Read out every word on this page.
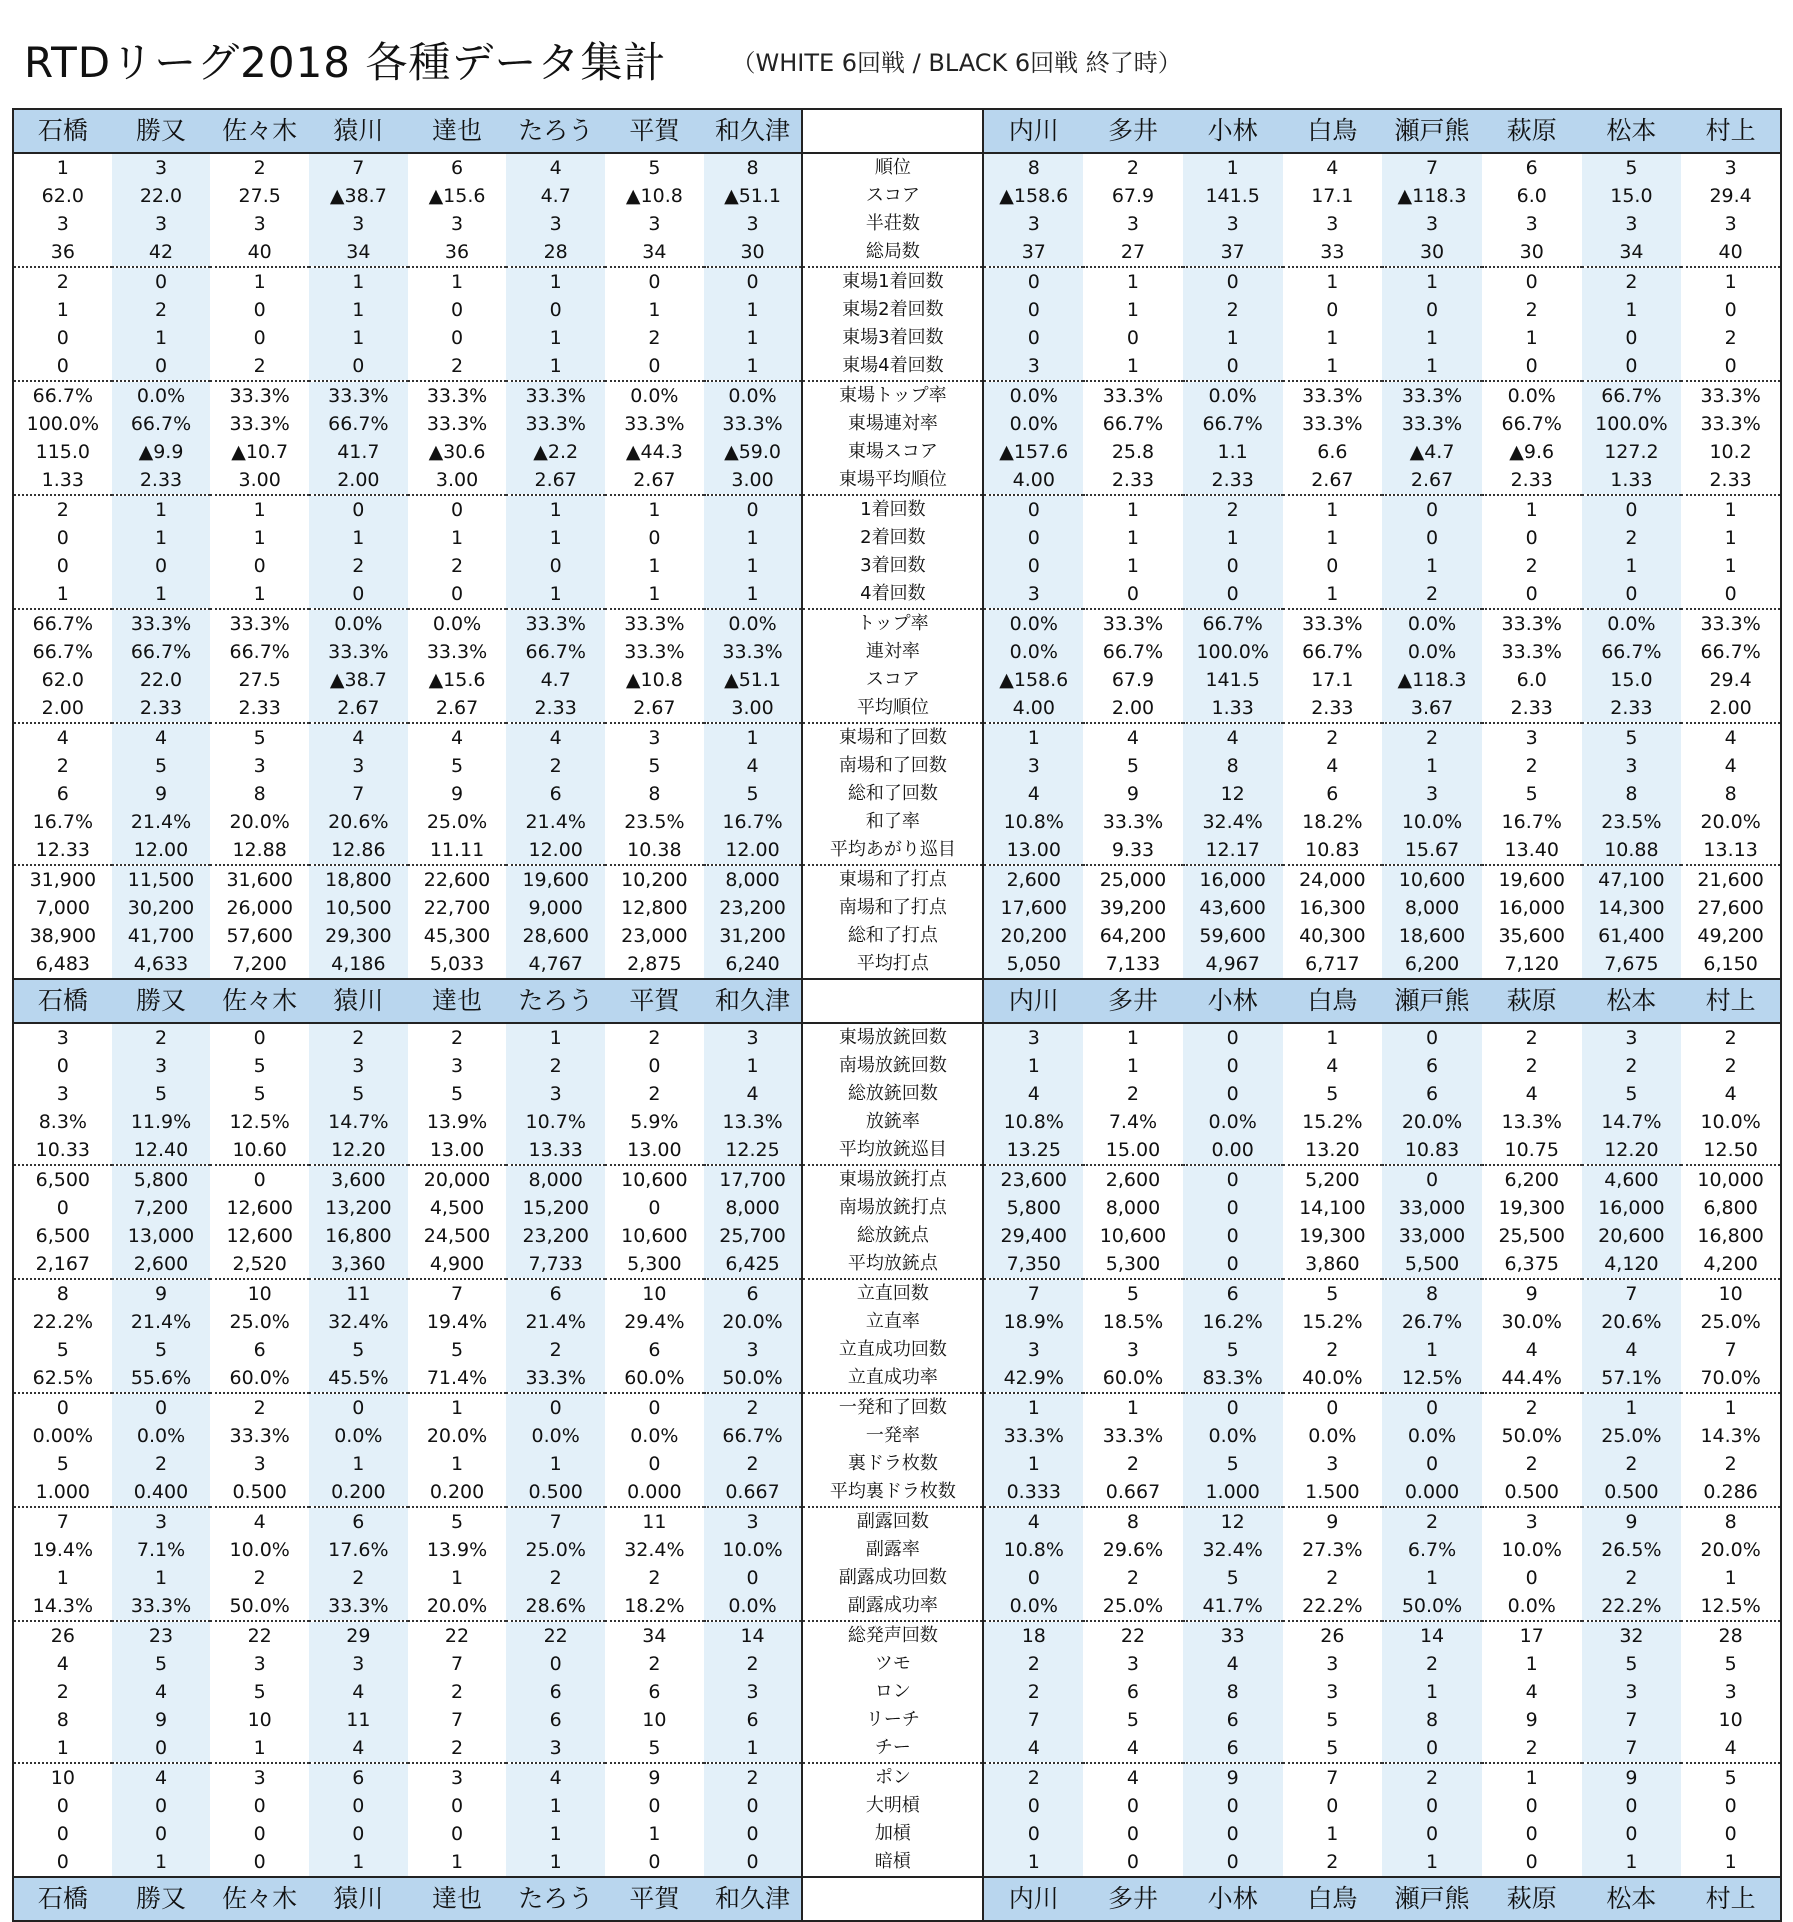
RTDリーグ2018 各種データ集計	（WHITE 6回戦 / BLACK 6回戦 終了時）
石橋	勝又	佐々木	猿川	達也	たろう	平賀	和久津		内川	多井	小林	白鳥	瀬戸熊	萩原	松本	村上
1	3	2	7	6	4	5	8	順位	8	2	1	4	7	6	5	3
62.0	22.0	27.5	▲38.7	▲15.6	4.7	▲10.8	▲51.1	スコア	▲158.6	67.9	141.5	17.1	▲118.3	6.0	15.0	29.4
3	3	3	3	3	3	3	3	半荘数	3	3	3	3	3	3	3	3
36	42	40	34	36	28	34	30	総局数	37	27	37	33	30	30	34	40
2	0	1	1	1	1	0	0	東場1着回数	0	1	0	1	1	0	2	1
1	2	0	1	0	0	1	1	東場2着回数	0	1	2	0	0	2	1	0
0	1	0	1	0	1	2	1	東場3着回数	0	0	1	1	1	1	0	2
0	0	2	0	2	1	0	1	東場4着回数	3	1	0	1	1	0	0	0
66.7%	0.0%	33.3%	33.3%	33.3%	33.3%	0.0%	0.0%	東場トップ率	0.0%	33.3%	0.0%	33.3%	33.3%	0.0%	66.7%	33.3%
100.0%	66.7%	33.3%	66.7%	33.3%	33.3%	33.3%	33.3%	東場連対率	0.0%	66.7%	66.7%	33.3%	33.3%	66.7%	100.0%	33.3%
115.0	▲9.9	▲10.7	41.7	▲30.6	▲2.2	▲44.3	▲59.0	東場スコア	▲157.6	25.8	1.1	6.6	▲4.7	▲9.6	127.2	10.2
1.33	2.33	3.00	2.00	3.00	2.67	2.67	3.00	東場平均順位	4.00	2.33	2.33	2.67	2.67	2.33	1.33	2.33
2	1	1	0	0	1	1	0	1着回数	0	1	2	1	0	1	0	1
0	1	1	1	1	1	0	1	2着回数	0	1	1	1	0	0	2	1
0	0	0	2	2	0	1	1	3着回数	0	1	0	0	1	2	1	1
1	1	1	0	0	1	1	1	4着回数	3	0	0	1	2	0	0	0
66.7%	33.3%	33.3%	0.0%	0.0%	33.3%	33.3%	0.0%	トップ率	0.0%	33.3%	66.7%	33.3%	0.0%	33.3%	0.0%	33.3%
66.7%	66.7%	66.7%	33.3%	33.3%	66.7%	33.3%	33.3%	連対率	0.0%	66.7%	100.0%	66.7%	0.0%	33.3%	66.7%	66.7%
62.0	22.0	27.5	▲38.7	▲15.6	4.7	▲10.8	▲51.1	スコア	▲158.6	67.9	141.5	17.1	▲118.3	6.0	15.0	29.4
2.00	2.33	2.33	2.67	2.67	2.33	2.67	3.00	平均順位	4.00	2.00	1.33	2.33	3.67	2.33	2.33	2.00
4	4	5	4	4	4	3	1	東場和了回数	1	4	4	2	2	3	5	4
2	5	3	3	5	2	5	4	南場和了回数	3	5	8	4	1	2	3	4
6	9	8	7	9	6	8	5	総和了回数	4	9	12	6	3	5	8	8
16.7%	21.4%	20.0%	20.6%	25.0%	21.4%	23.5%	16.7%	和了率	10.8%	33.3%	32.4%	18.2%	10.0%	16.7%	23.5%	20.0%
12.33	12.00	12.88	12.86	11.11	12.00	10.38	12.00	平均あがり巡目	13.00	9.33	12.17	10.83	15.67	13.40	10.88	13.13
31,900	11,500	31,600	18,800	22,600	19,600	10,200	8,000	東場和了打点	2,600	25,000	16,000	24,000	10,600	19,600	47,100	21,600
7,000	30,200	26,000	10,500	22,700	9,000	12,800	23,200	南場和了打点	17,600	39,200	43,600	16,300	8,000	16,000	14,300	27,600
38,900	41,700	57,600	29,300	45,300	28,600	23,000	31,200	総和了打点	20,200	64,200	59,600	40,300	18,600	35,600	61,400	49,200
6,483	4,633	7,200	4,186	5,033	4,767	2,875	6,240	平均打点	5,050	7,133	4,967	6,717	6,200	7,120	7,675	6,150
石橋	勝又	佐々木	猿川	達也	たろう	平賀	和久津		内川	多井	小林	白鳥	瀬戸熊	萩原	松本	村上
3	2	0	2	2	1	2	3	東場放銃回数	3	1	0	1	0	2	3	2
0	3	5	3	3	2	0	1	南場放銃回数	1	1	0	4	6	2	2	2
3	5	5	5	5	3	2	4	総放銃回数	4	2	0	5	6	4	5	4
8.3%	11.9%	12.5%	14.7%	13.9%	10.7%	5.9%	13.3%	放銃率	10.8%	7.4%	0.0%	15.2%	20.0%	13.3%	14.7%	10.0%
10.33	12.40	10.60	12.20	13.00	13.33	13.00	12.25	平均放銃巡目	13.25	15.00	0.00	13.20	10.83	10.75	12.20	12.50
6,500	5,800	0	3,600	20,000	8,000	10,600	17,700	東場放銃打点	23,600	2,600	0	5,200	0	6,200	4,600	10,000
0	7,200	12,600	13,200	4,500	15,200	0	8,000	南場放銃打点	5,800	8,000	0	14,100	33,000	19,300	16,000	6,800
6,500	13,000	12,600	16,800	24,500	23,200	10,600	25,700	総放銃点	29,400	10,600	0	19,300	33,000	25,500	20,600	16,800
2,167	2,600	2,520	3,360	4,900	7,733	5,300	6,425	平均放銃点	7,350	5,300	0	3,860	5,500	6,375	4,120	4,200
8	9	10	11	7	6	10	6	立直回数	7	5	6	5	8	9	7	10
22.2%	21.4%	25.0%	32.4%	19.4%	21.4%	29.4%	20.0%	立直率	18.9%	18.5%	16.2%	15.2%	26.7%	30.0%	20.6%	25.0%
5	5	6	5	5	2	6	3	立直成功回数	3	3	5	2	1	4	4	7
62.5%	55.6%	60.0%	45.5%	71.4%	33.3%	60.0%	50.0%	立直成功率	42.9%	60.0%	83.3%	40.0%	12.5%	44.4%	57.1%	70.0%
0	0	2	0	1	0	0	2	一発和了回数	1	1	0	0	0	2	1	1
0.00%	0.0%	33.3%	0.0%	20.0%	0.0%	0.0%	66.7%	一発率	33.3%	33.3%	0.0%	0.0%	0.0%	50.0%	25.0%	14.3%
5	2	3	1	1	1	0	2	裏ドラ枚数	1	2	5	3	0	2	2	2
1.000	0.400	0.500	0.200	0.200	0.500	0.000	0.667	平均裏ドラ枚数	0.333	0.667	1.000	1.500	0.000	0.500	0.500	0.286
7	3	4	6	5	7	11	3	副露回数	4	8	12	9	2	3	9	8
19.4%	7.1%	10.0%	17.6%	13.9%	25.0%	32.4%	10.0%	副露率	10.8%	29.6%	32.4%	27.3%	6.7%	10.0%	26.5%	20.0%
1	1	2	2	1	2	2	0	副露成功回数	0	2	5	2	1	0	2	1
14.3%	33.3%	50.0%	33.3%	20.0%	28.6%	18.2%	0.0%	副露成功率	0.0%	25.0%	41.7%	22.2%	50.0%	0.0%	22.2%	12.5%
26	23	22	29	22	22	34	14	総発声回数	18	22	33	26	14	17	32	28
4	5	3	3	7	0	2	2	ツモ	2	3	4	3	2	1	5	5
2	4	5	4	2	6	6	3	ロン	2	6	8	3	1	4	3	3
8	9	10	11	7	6	10	6	リーチ	7	5	6	5	8	9	7	10
1	0	1	4	2	3	5	1	チー	4	4	6	5	0	2	7	4
10	4	3	6	3	4	9	2	ポン	2	4	9	7	2	1	9	5
0	0	0	0	0	1	0	0	大明槓	0	0	0	0	0	0	0	0
0	0	0	0	0	1	1	0	加槓	0	0	0	1	0	0	0	0
0	1	0	1	1	1	0	0	暗槓	1	0	0	2	1	0	1	1
石橋	勝又	佐々木	猿川	達也	たろう	平賀	和久津		内川	多井	小林	白鳥	瀬戸熊	萩原	松本	村上
